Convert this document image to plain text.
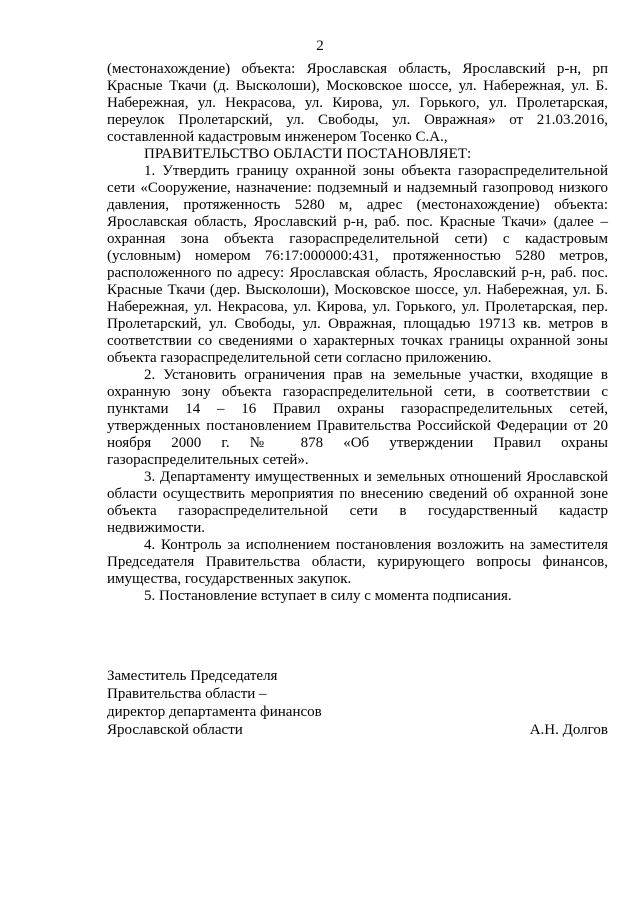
2

(местонахождение) объекта: Ярославская область, Ярославский р-н, рп Красные Ткачи (д. Высколоши), Московское шоссе, ул. Набережная, ул. Б. Набережная, ул. Некрасова, ул. Кирова, ул. Горького, ул. Пролетарская, переулок Пролетарский, ул. Свободы, ул. Овражная» от 21.03.2016, составленной кадастровым инженером Тосенко С.А.,

ПРАВИТЕЛЬСТВО ОБЛАСТИ ПОСТАНОВЛЯЕТ:

1. Утвердить границу охранной зоны объекта газораспределительной сети «Сооружение, назначение: подземный и надземный газопровод низкого давления, протяженность 5280 м, адрес (местонахождение) объекта: Ярославская область, Ярославский р-н, раб. пос. Красные Ткачи» (далее – охранная зона объекта газораспределительной сети) с кадастровым (условным) номером 76:17:000000:431, протяженностью 5280 метров, расположенного по адресу: Ярославская область, Ярославский р-н, раб. пос. Красные Ткачи (дер. Высколоши), Московское шоссе, ул. Набережная, ул. Б. Набережная, ул. Некрасова, ул. Кирова, ул. Горького, ул. Пролетарская, пер. Пролетарский, ул. Свободы, ул. Овражная, площадью 19713 кв. метров в соответствии со сведениями о характерных точках границы охранной зоны объекта газораспределительной сети согласно приложению.

2. Установить ограничения прав на земельные участки, входящие в охранную зону объекта газораспределительной сети, в соответствии с пунктами 14 – 16 Правил охраны газораспределительных сетей, утвержденных постановлением Правительства Российской Федерации от 20 ноября 2000 г. № 878 «Об утверждении Правил охраны газораспределительных сетей».

3. Департаменту имущественных и земельных отношений Ярославской области осуществить мероприятия по внесению сведений об охранной зоне объекта газораспределительной сети в государственный кадастр недвижимости.

4. Контроль за исполнением постановления возложить на заместителя Председателя Правительства области, курирующего вопросы финансов, имущества, государственных закупок.

5. Постановление вступает в силу с момента подписания.

Заместитель Председателя
Правительства области –
директор департамента финансов
Ярославской области	А.Н. Долгов
